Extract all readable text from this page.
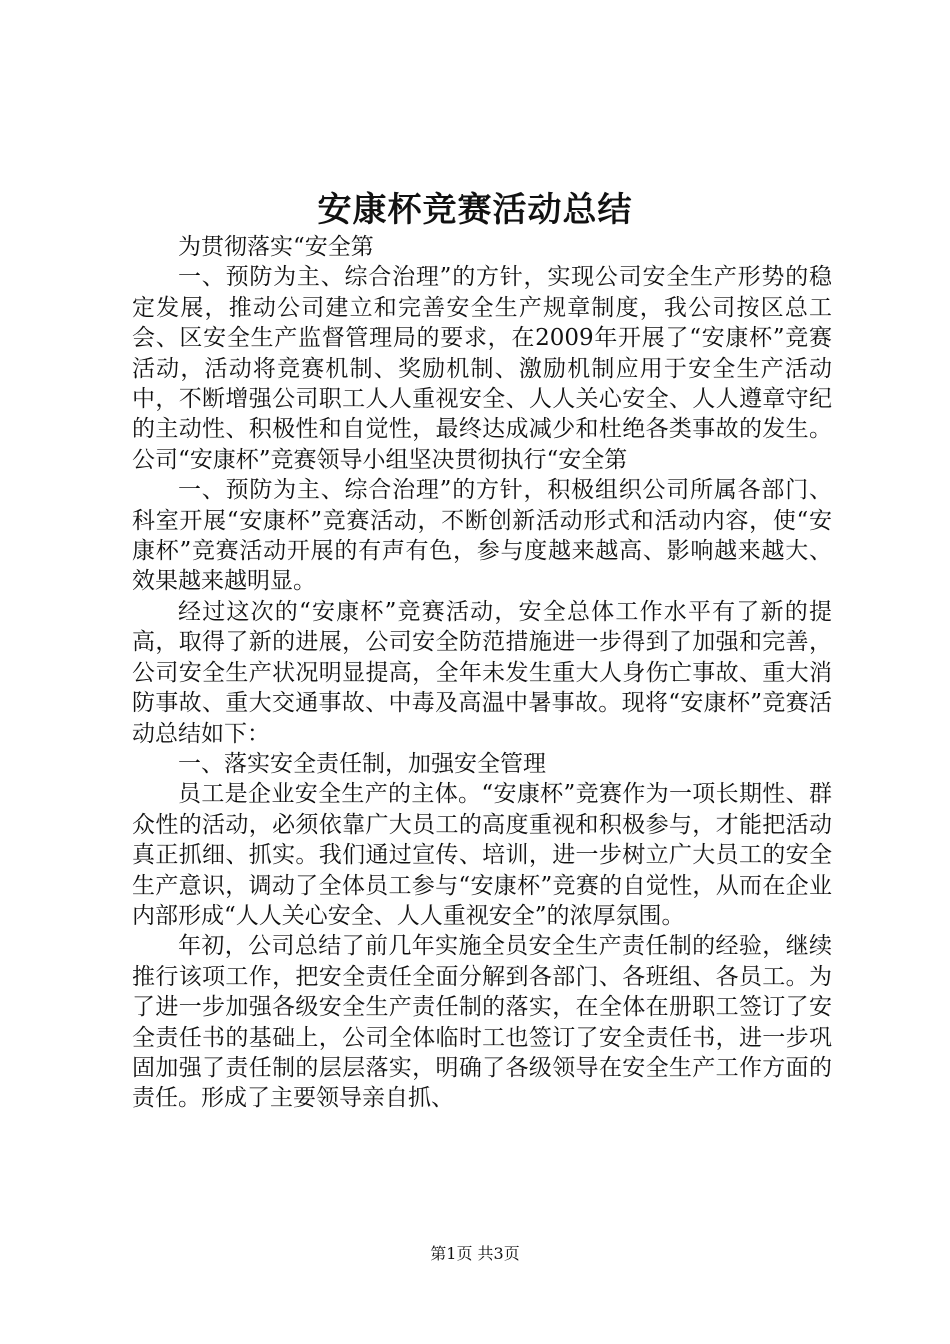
安康杯竞赛活动总结

为贯彻落实“安全第

一、预防为主、综合治理”的方针，实现公司安全生产形势的稳定发展，推动公司建立和完善安全生产规章制度，我公司按区总工会、区安全生产监督管理局的要求，在2009年开展了“安康杯”竞赛活动，活动将竞赛机制、奖励机制、激励机制应用于安全生产活动中，不断增强公司职工人人重视安全、人人关心安全、人人遵章守纪的主动性、积极性和自觉性，最终达成减少和杜绝各类事故的发生。公司“安康杯”竞赛领导小组坚决贯彻执行“安全第

一、预防为主、综合治理”的方针，积极组织公司所属各部门、科室开展“安康杯”竞赛活动，不断创新活动形式和活动内容，使“安康杯”竞赛活动开展的有声有色，参与度越来越高、影响越来越大、效果越来越明显。

经过这次的“安康杯”竞赛活动，安全总体工作水平有了新的提高，取得了新的进展，公司安全防范措施进一步得到了加强和完善，公司安全生产状况明显提高，全年未发生重大人身伤亡事故、重大消防事故、重大交通事故、中毒及高温中暑事故。现将“安康杯”竞赛活动总结如下：

一、落实安全责任制，加强安全管理

员工是企业安全生产的主体。“安康杯”竞赛作为一项长期性、群众性的活动，必须依靠广大员工的高度重视和积极参与，才能把活动真正抓细、抓实。我们通过宣传、培训，进一步树立广大员工的安全生产意识，调动了全体员工参与“安康杯”竞赛的自觉性，从而在企业内部形成“人人关心安全、人人重视安全”的浓厚氛围。

年初，公司总结了前几年实施全员安全生产责任制的经验，继续推行该项工作，把安全责任全面分解到各部门、各班组、各员工。为了进一步加强各级安全生产责任制的落实，在全体在册职工签订了安全责任书的基础上，公司全体临时工也签订了安全责任书，进一步巩固加强了责任制的层层落实，明确了各级领导在安全生产工作方面的责任。形成了主要领导亲自抓、

第1页 共3页
